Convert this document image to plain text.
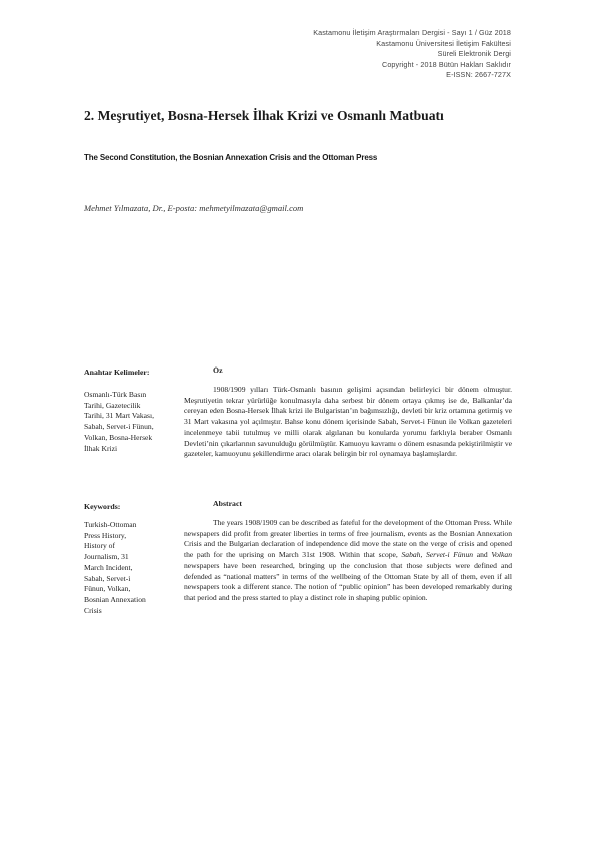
Kastamonu İletişim Araştırmaları Dergisi - Sayı 1 / Güz 2018
Kastamonu Üniversitesi İletişim Fakültesi
Süreli Elektronik Dergi
Copyright - 2018 Bütün Hakları Saklıdır
E-ISSN: 2667-727X
2. Meşrutiyet, Bosna-Hersek İlhak Krizi ve Osmanlı Matbuatı
The Second Constitution, the Bosnian Annexation Crisis and the Ottoman Press
Mehmet Yılmazata, Dr., E-posta: mehmetyilmazata@gmail.com
Anahtar Kelimeler:
Osmanlı-Türk Basın
Tarihi, Gazetecilik
Tarihi, 31 Mart Vakası,
Sabah, Servet-i Fünun,
Volkan, Bosna-Hersek
İlhak Krizi
Öz

1908/1909 yılları Türk-Osmanlı basının gelişimi açısından belirleyici bir dönem olmuştur. Meşrutiyetin tekrar yürürlüğe konulmasıyla daha serbest bir dönem ortaya çıkmış ise de, Balkanlar’da cereyan eden Bosna-Hersek İlhak krizi ile Bulgaristan’ın bağımsızlığı, devleti bir kriz ortamına getirmiş ve 31 Mart vakasına yol açılmıştır. Bahse konu dönem içerisinde Sabah, Servet-i Fünun ile Volkan gazeteleri incelenmeye tabii tutulmuş ve milli olarak algılanan bu konularda yorumu farklıyla beraber Osmanlı Devleti’nin çıkarlarının savunulduğu görülmüştür. Kamuoyu kavramı o dönem esnasında pekiştirilmiştir ve gazeteler, kamuoyunu şekillendirme aracı olarak belirgin bir rol oynamaya başlamışlardır.

Keywords:
Turkish-Ottoman
Press History,
History of
Journalism, 31
March Incident,
Sabah, Servet-i
Fünun, Volkan,
Bosnian Annexation
Crisis
Abstract

The years 1908/1909 can be described as fateful for the development of the Ottoman Press. While newspapers did profit from greater liberties in terms of free journalism, events as the Bosnian Annexation Crisis and the Bulgarian declaration of independence did move the state on the verge of crisis and opened the path for the uprising on March 31st 1908. Within that scope, Sabah, Servet-i Fünun and Volkan newspapers have been researched, bringing up the conclusion that those subjects were defined and defended as “national matters” in terms of the wellbeing of the Ottoman State by all of them, even if all newspapers took a different stance. The notion of “public opinion” has been developed remarkably during that period and the press started to play a distinct role in shaping public opinion.
